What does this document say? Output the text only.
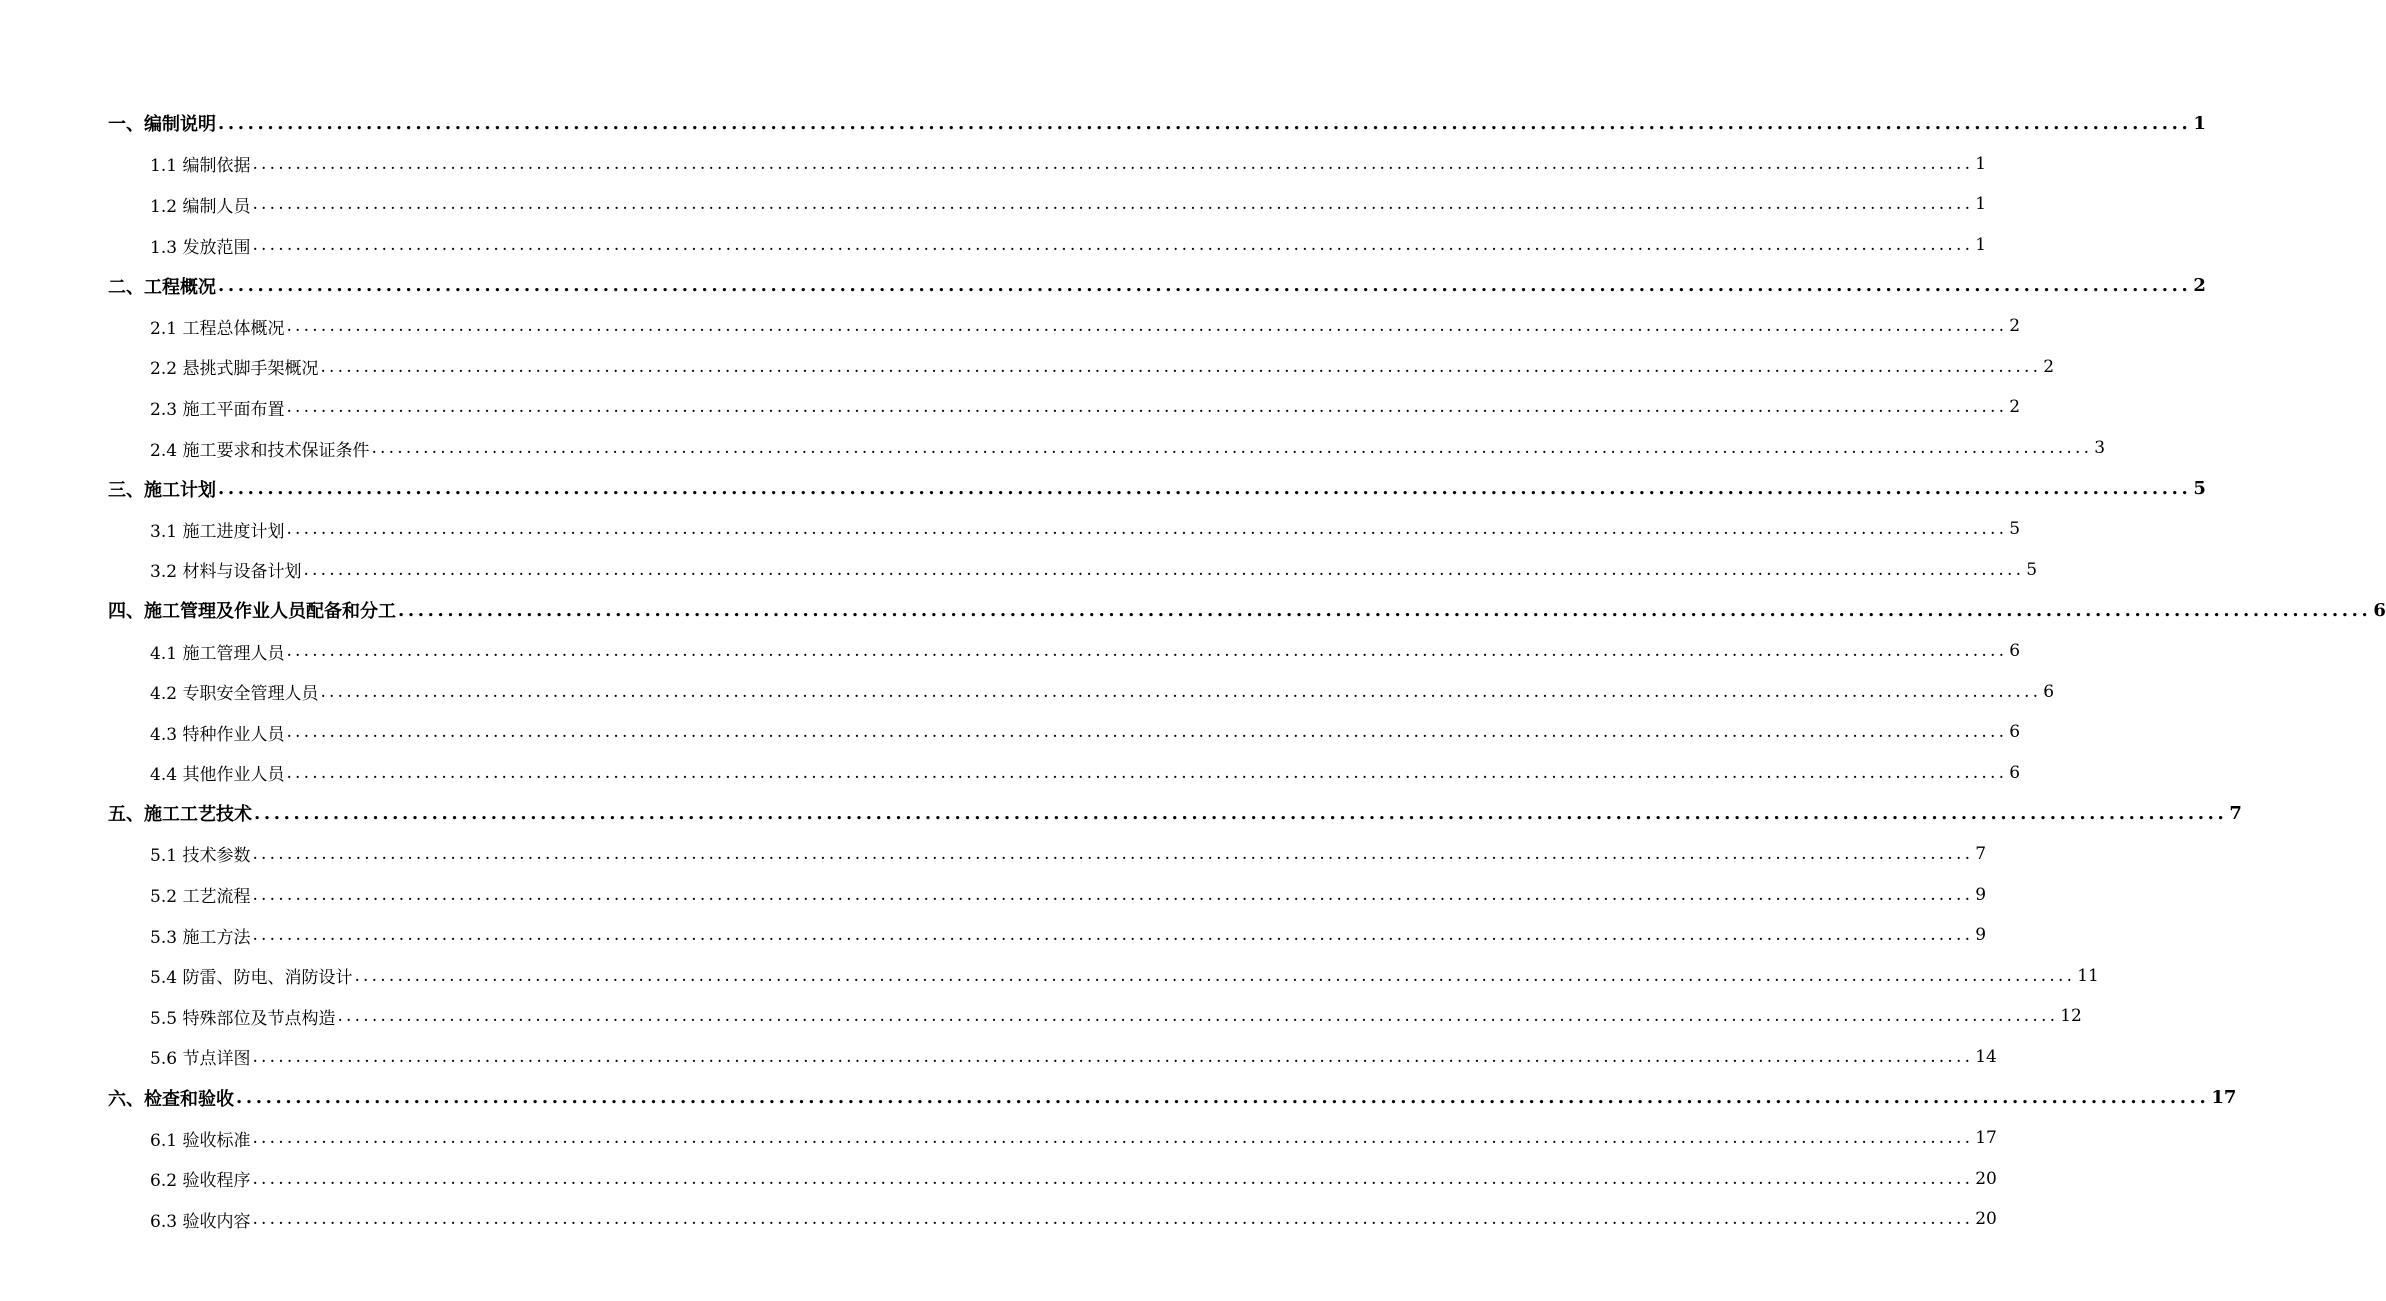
一、编制说明 ........................................................................................................................................................................................................ 1
1.1 编制依据 ........................................................................................................................................................................................................ 1
1.2 编制人员 ........................................................................................................................................................................................................ 1
1.3 发放范围 ........................................................................................................................................................................................................ 1
二、工程概况 ........................................................................................................................................................................................................ 2
2.1 工程总体概况 ........................................................................................................................................................................................................ 2
2.2 悬挑式脚手架概况 ........................................................................................................................................................................................................ 2
2.3 施工平面布置 ........................................................................................................................................................................................................ 2
2.4 施工要求和技术保证条件 ........................................................................................................................................................................................................ 3
三、施工计划 ........................................................................................................................................................................................................ 5
3.1 施工进度计划 ........................................................................................................................................................................................................ 5
3.2 材料与设备计划 ........................................................................................................................................................................................................ 5
四、施工管理及作业人员配备和分工 ........................................................................................................................................................................................................ 6
4.1 施工管理人员 ........................................................................................................................................................................................................ 6
4.2 专职安全管理人员 ........................................................................................................................................................................................................ 6
4.3 特种作业人员 ........................................................................................................................................................................................................ 6
4.4 其他作业人员 ........................................................................................................................................................................................................ 6
五、施工工艺技术 ........................................................................................................................................................................................................ 7
5.1 技术参数 ........................................................................................................................................................................................................ 7
5.2 工艺流程 ........................................................................................................................................................................................................ 9
5.3 施工方法 ........................................................................................................................................................................................................ 9
5.4 防雷、防电、消防设计 ........................................................................................................................................................................................................ 11
5.5 特殊部位及节点构造 ........................................................................................................................................................................................................ 12
5.6 节点详图 ........................................................................................................................................................................................................ 14
六、检查和验收 ........................................................................................................................................................................................................ 17
6.1 验收标准 ........................................................................................................................................................................................................ 17
6.2 验收程序 ........................................................................................................................................................................................................ 20
6.3 验收内容 ........................................................................................................................................................................................................ 20
